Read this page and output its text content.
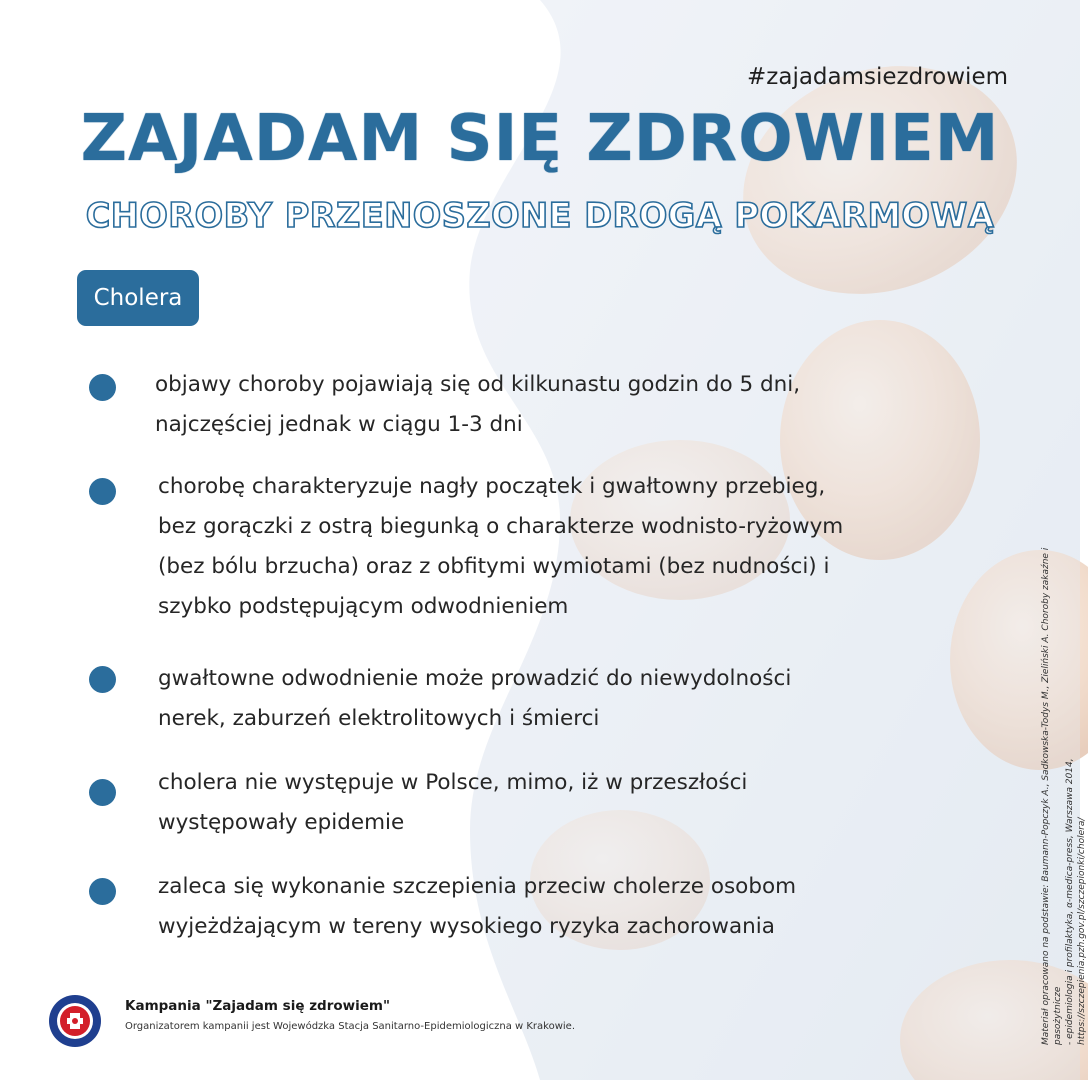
#zajadamsiezdrowiem
ZAJADAM SIĘ ZDROWIEM
CHOROBY PRZENOSZONE DROGĄ POKARMOWĄ
Cholera
objawy choroby pojawiają się od kilkunastu godzin do 5 dni,
najczęściej jednak w ciągu 1-3 dni
chorobę charakteryzuje nagły początek i gwałtowny przebieg,
bez gorączki z ostrą biegunką o charakterze wodnisto-ryżowym
(bez bólu brzucha) oraz z obfitymi wymiotami (bez nudności) i
szybko podstępującym odwodnieniem
gwałtowne odwodnienie może prowadzić do niewydolności
nerek, zaburzeń elektrolitowych i śmierci
cholera nie występuje w Polsce, mimo, iż w przeszłości
występowały epidemie
zaleca się wykonanie szczepienia przeciw cholerze osobom
wyjeżdżającym w tereny wysokiego ryzyka zachorowania
Kampania "Zajadam się zdrowiem"
Organizatorem kampanii jest Wojewódzka Stacja Sanitarno-Epidemiologiczna w Krakowie.	Materiał opracowano na podstawie: Baumann-Popczyk A., Sadkowska-Todys M., Zieliński A. Choroby zakaźne i pasożytnicze
- epidemiologia i profilaktyka, α-medica-press, Warszawa 2014,
https://szczepienia.pzh.gov.pl/szczepionki/cholera/
